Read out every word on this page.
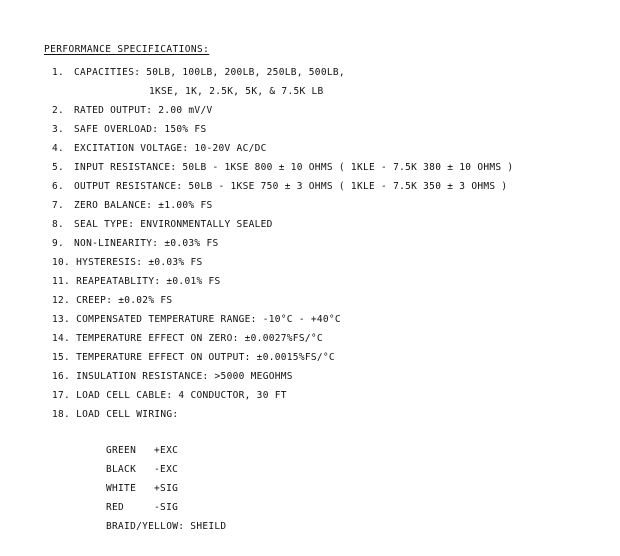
PERFORMANCE SPECIFICATIONS:
1. CAPACITIES: 50LB, 100LB, 200LB, 250LB, 500LB,
1KSE, 1K, 2.5K, 5K, & 7.5K LB
2. RATED OUTPUT: 2.00 mV/V
3. SAFE OVERLOAD: 150% FS
4. EXCITATION VOLTAGE: 10-20V AC/DC
5. INPUT RESISTANCE: 50LB - 1KSE 800 ± 10 OHMS ( 1KLE - 7.5K 380 ± 10 OHMS )
6. OUTPUT RESISTANCE: 50LB - 1KSE 750 ± 3 OHMS ( 1KLE - 7.5K 350 ± 3 OHMS )
7. ZERO BALANCE: ±1.00% FS
8. SEAL TYPE: ENVIRONMENTALLY SEALED
9. NON-LINEARITY: ±0.03% FS
10. HYSTERESIS: ±0.03% FS
11. REAPEATABLITY: ±0.01% FS
12. CREEP: ±0.02% FS
13. COMPENSATED TEMPERATURE RANGE: -10°C - +40°C
14. TEMPERATURE EFFECT ON ZERO: ±0.0027%FS/°C
15. TEMPERATURE EFFECT ON OUTPUT: ±0.0015%FS/°C
16. INSULATION RESISTANCE: >5000 MEGOHMS
17. LOAD CELL CABLE: 4 CONDUCTOR, 30 FT
18. LOAD CELL WIRING:
GREEN +EXC
BLACK -EXC
WHITE +SIG
RED	-SIG
BRAID/YELLOW: SHEILD
